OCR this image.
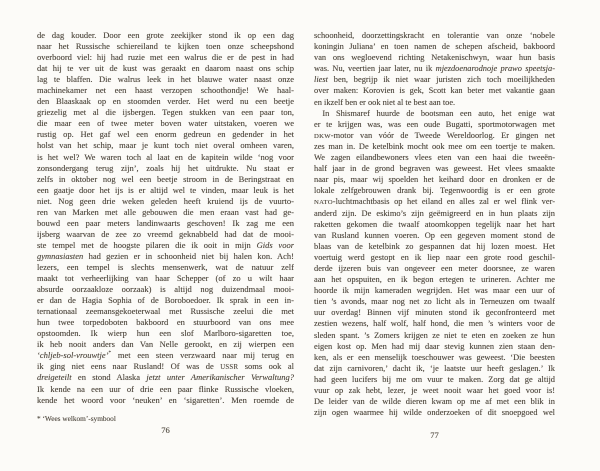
de dag kouder. Door een grote zeekijker stond ik op een dag
naar het Russische schiereiland te kijken toen onze scheepshond
overboord viel: hij had ruzie met een walrus die er de pest in had
dat hij te ver uit de kust was geraakt en daarom naast ons schip
lag te blaffen. Die walrus leek in het blauwe water naast onze
machinekamer net een haast verzopen schoothondje! We haal-
den Blaaskaak op en stoomden verder. Het werd nu een beetje
griezelig met al die ijsbergen. Tegen stukken van een paar ton,
die maar een of twee meter boven water uitstaken, voeren we
rustig op. Het gaf wel een enorm gedreun en gedender in het
holst van het schip, maar je kunt toch niet overal omheen varen,
is het wel? We waren toch al laat en de kapitein wilde ‘nog voor
zonsondergang terug zijn’, zoals hij het uitdrukte. Nu staat er
zelfs in oktober nog wel een beetje stroom in de Beringstraat en
een gaatje door het ijs is er altijd wel te vinden, maar leuk is het
niet. Nog geen drie weken geleden heeft kruiend ijs de vuurto-
ren van Marken met alle gebouwen die men eraan vast had ge-
bouwd een paar meters landinwaarts geschoven! Ik zag me een
ijsberg waarvan de zee zo vreemd geknabbeld had dat de mooi-
ste tempel met de hoogste pilaren die ik ooit in mijn Gids voor
gymnasiasten had gezien er in schoonheid niet bij halen kon. Ach!
lezers, een tempel is slechts mensenwerk, wat de natuur zelf
maakt tot verheerlijking van haar Schepper (of zo u wilt haar
absurde oorzaakloze oorzaak) is altijd nog duizendmaal mooi-
er dan de Hagia Sophia of de Boroboedoer. Ik sprak in een in-
ternationaal zeemansgekoeterwaal met Russische zeelui die met
hun twee torpedoboten bakboord en stuurboord van ons mee
opstoomden. Ik wierp hun een slof Marlboro-sigaretten toe,
ik heb nooit anders dan Van Nelle gerookt, en zij wierpen een
‘chljeb-sol-vrouwtje’* met een steen verzwaard naar mij terug en
ik ging niet eens naar Rusland! Of was de USSR soms ook al
dreigeteilt en stond Alaska jetzt unter Amerikanischer Verwaltung?
Ik kende na een uur of drie een paar flinke Russische vloeken,
kende het woord voor ‘neuken’ en ‘sigaretten’. Men roemde de
* ‘Wees welkom’-symbool
76
schoonheid, doorzettingskracht en tolerantie van onze ‘nobele
koningin Juliana’ en toen namen de schepen afscheid, bakboord
van ons wegloevend richting Netakenischwyn, waar hun basis
was. Nu, veertien jaar later, nu ik mjezdoenarodnoje prawo speetsja-
liest ben, begrijp ik niet waar juristen zich toch moeilijkheden
over maken: Korovien is gek, Scott kan beter met vakantie gaan
en ikzelf ben er ook niet al te best aan toe.
 In Shismaref huurde de bootsman een auto, het enige wat
er te krijgen was, was een oude Bugatti, sportmotorwagen met
DKW-motor van vóór de Tweede Wereldoorlog. Er gingen net
zes man in. De ketelbink mocht ook mee om een toertje te maken.
We zagen eilandbewoners vlees eten van een haai die tweeën-
half jaar in de grond begraven was geweest. Het vlees smaakte
naar pis, maar wij spoelden het keihard door en dronken er de
lokale zelfgebrouwen drank bij. Tegenwoordig is er een grote
NATO-luchtmachtbasis op het eiland en alles zal er wel flink ver-
anderd zijn. De eskimo’s zijn geëmigreerd en in hun plaats zijn
raketten gekomen die twaalf atoomkoppen tegelijk naar het hart
van Rusland kunnen voeren. Op een gegeven moment stond de
blaas van de ketelbink zo gespannen dat hij lozen moest. Het
voertuig werd gestopt en ik liep naar een grote rood geschil-
derde ijzeren buis van ongeveer een meter doorsnee, ze waren
aan het opspuiten, en ik begon ertegen te urineren. Achter me
hoorde ik mijn kameraden wegrijden. Het was maar een uur of
tien ’s avonds, maar nog net zo licht als in Terneuzen om twaalf
uur overdag! Binnen vijf minuten stond ik geconfronteerd met
zestien wezens, half wolf, half hond, die men ’s winters voor de
sleden spant. ’s Zomers krijgen ze niet te eten en zoeken ze hun
eigen kost op. Men had mij daar stevig kunnen zien staan den-
ken, als er een menselijk toeschouwer was geweest. ‘Die beesten
dat zijn carnivoren,’ dacht ik, ‘je laatste uur heeft geslagen.’ Ik
had geen lucifers bij me om vuur te maken. Zorg dat ge altijd
vuur op zak hebt, lezer, je weet nooit waar het goed voor is!
De leider van de wilde dieren kwam op me af met een blik in
zijn ogen waarmee hij wilde onderzoeken of dit snoepgoed wel
77
